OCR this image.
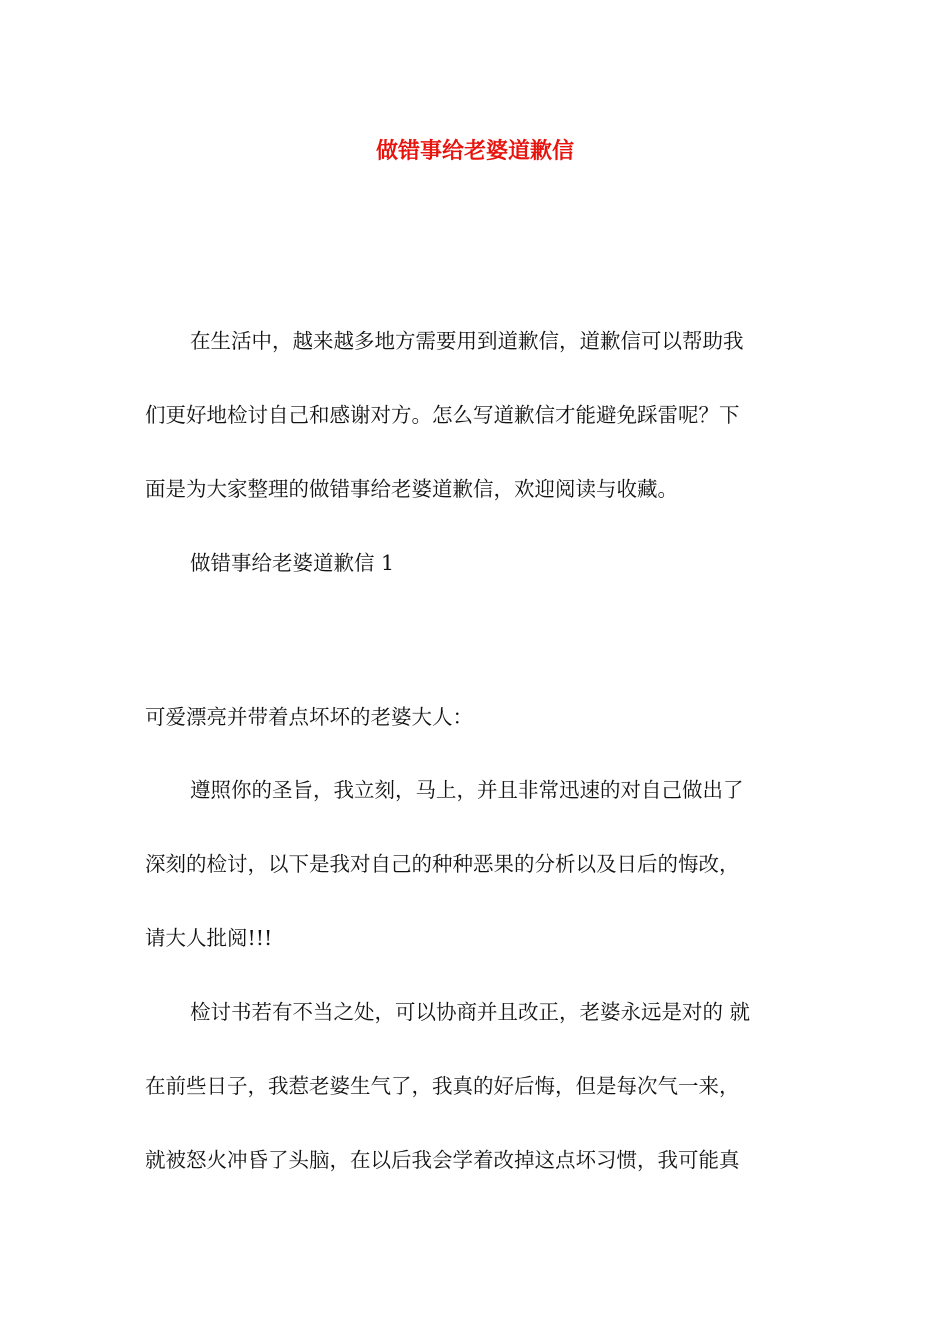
做错事给老婆道歉信
在生活中，越来越多地方需要用到道歉信，道歉信可以帮助我
们更好地检讨自己和感谢对方。怎么写道歉信才能避免踩雷呢？下
面是为大家整理的做错事给老婆道歉信，欢迎阅读与收藏。
做错事给老婆道歉信 1
可爱漂亮并带着点坏坏的老婆大人：
遵照你的圣旨，我立刻，马上，并且非常迅速的对自己做出了
深刻的检讨，以下是我对自己的种种恶果的分析以及日后的悔改，
请大人批阅!!!
检讨书若有不当之处，可以协商并且改正，老婆永远是对的 就
在前些日子，我惹老婆生气了，我真的好后悔，但是每次气一来，
就被怒火冲昏了头脑，在以后我会学着改掉这点坏习惯，我可能真
